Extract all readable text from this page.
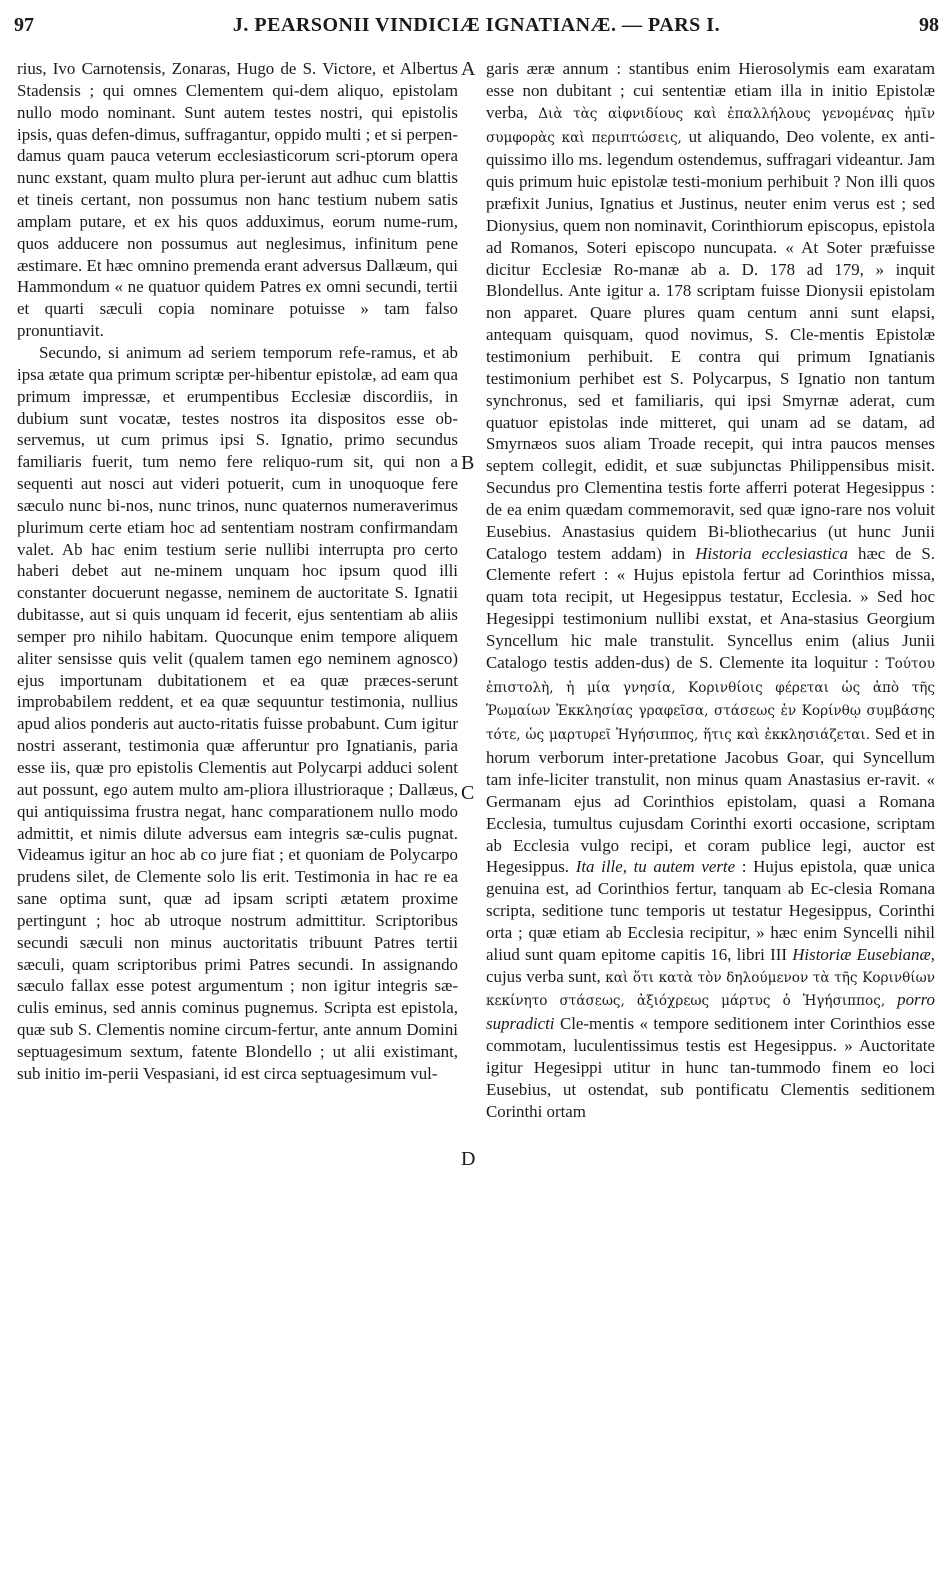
97	J. PEARSONII VINDICIÆ IGNATIANÆ. — PARS I.	98

rius, Ivo Carnotensis, Zonaras, Hugo de S. Victore, et Albertus Stadensis ; qui omnes Clementem qui-dem aliquo, epistolam nullo modo nominant. Sunt autem testes nostri, qui epistolis ipsis, quas defen-dimus, suffragantur, oppido multi ; et si perpen-damus quam pauca veterum ecclesiasticorum scri-ptorum opera nunc exstant, quam multo plura per-ierunt aut adhuc cum blattis et tineis certant, non possumus non hanc testium nubem satis amplam putare, et ex his quos adduximus, eorum nume-rum, quos adducere non possumus aut neglesimus, infinitum pene æstimare. Et hæc omnino premenda erant adversus Dallæum, qui Hammondum « ne quatuor quidem Patres ex omni secundi, tertii et quarti sæculi copia nominare potuisse » tam falso pronuntiavit.

Secundo, si animum ad seriem temporum refe-ramus, et ab ipsa ætate qua primum scriptæ per-hibentur epistolæ, ad eam qua primum impressæ, et erumpentibus Ecclesiæ discordiis, in dubium sunt vocatæ, testes nostros ita dispositos esse ob-servemus, ut cum primus ipsi S. Ignatio, primo secundus familiaris fuerit, tum nemo fere reliquo-rum sit, qui non a sequenti aut nosci aut videri potuerit, cum in unoquoque fere sæculo nunc bi-nos, nunc trinos, nunc quaternos numeraverimus plurimum certe etiam hoc ad sententiam nostram confirmandam valet. Ab hac enim testium serie nullibi interrupta pro certo haberi debet aut ne-minem unquam hoc ipsum quod illi constanter docuerunt negasse, neminem de auctoritate S. Ignatii dubitasse, aut si quis unquam id fecerit, ejus sententiam ab aliis semper pro nihilo habitam. Quocunque enim tempore aliquem aliter sensisse quis velit (qualem tamen ego neminem agnosco) ejus importunam dubitationem et ea quæ præces-serunt improbabilem reddent, et ea quæ sequuntur testimonia, nullius apud alios ponderis aut aucto-ritatis fuisse probabunt. Cum igitur nostri asserant, testimonia quæ afferuntur pro Ignatianis, paria esse iis, quæ pro epistolis Clementis aut Polycarpi adduci solent aut possunt, ego autem multo am-pliora illustrioraque ; Dallæus, qui antiquissima frustra negat, hanc comparationem nullo modo admittit, et nimis dilute adversus eam integris sæ-culis pugnat. Videamus igitur an hoc ab co jure fiat ; et quoniam de Polycarpo prudens silet, de Clemente solo lis erit. Testimonia in hac re ea sane optima sunt, quæ ad ipsam scripti ætatem proxime pertingunt ; hoc ab utroque nostrum admittitur. Scriptoribus secundi sæculi non minus auctoritatis tribuunt Patres tertii sæculi, quam scriptoribus primi Patres secundi. In assignando sæculo fallax esse potest argumentum ; non igitur integris sæ-culis eminus, sed annis cominus pugnemus. Scripta est epistola, quæ sub S. Clementis nomine circum-fertur, ante annum Domini septuagesimum sextum, fatente Blondello ; ut alii existimant, sub initio im-perii Vespasiani, id est circa septuagesimum vul-

A
B
C
D

garis æræ annum : stantibus enim Hierosolymis eam exaratam esse non dubitant ; cui sententiæ etiam illa in initio Epistolæ verba, Διὰ τὰς αἰφνιδίους καὶ ἐπαλλήλους γενομένας ἡμῖν συμφορὰς καὶ περιπτώσεις, ut aliquando, Deo volente, ex anti-quissimo illo ms. legendum ostendemus, suffragari videantur. Jam quis primum huic epistolæ testi-monium perhibuit ? Non illi quos præfixit Junius, Ignatius et Justinus, neuter enim verus est ; sed Dionysius, quem non nominavit, Corinthiorum episcopus, epistola ad Romanos, Soteri episcopo nuncupata. « At Soter præfuisse dicitur Ecclesiæ Ro-manæ ab a. D. 178 ad 179, » inquit Blondellus. Ante igitur a. 178 scriptam fuisse Dionysii epistolam non apparet. Quare plures quam centum anni sunt elapsi, antequam quisquam, quod novimus, S. Cle-mentis Epistolæ testimonium perhibuit. E contra qui primum Ignatianis testimonium perhibet est S. Polycarpus, S Ignatio non tantum synchronus, sed et familiaris, qui ipsi Smyrnæ aderat, cum quatuor epistolas inde mitteret, qui unam ad se datam, ad Smyrnæos suos aliam Troade recepit, qui intra paucos menses septem collegit, edidit, et suæ subjunctas Philippensibus misit. Secundus pro Clementina testis forte afferri poterat Hegesippus : de ea enim quædam commemoravit, sed quæ igno-rare nos voluit Eusebius. Anastasius quidem Bi-bliothecarius (ut hunc Junii Catalogo testem addam) in Historia ecclesiastica hæc de S. Clemente refert : « Hujus epistola fertur ad Corinthios missa, quam tota recipit, ut Hegesippus testatur, Ecclesia. » Sed hoc Hegesippi testimonium nullibi exstat, et Ana-stasius Georgium Syncellum hic male transtulit. Syncellus enim (alius Junii Catalogo testis adden-dus) de S. Clemente ita loquitur : Τούτου ἐπιστολὴ, ἡ μία γνησία, Κορινθίοις φέρεται ὡς ἀπὸ τῆς Ῥωμαίων Ἐκκλησίας γραφεῖσα, στάσεως ἐν Κορίνθῳ συμβάσης τότε, ὡς μαρτυρεῖ Ἡγήσιππος, ἥτις καὶ ἐκκλησιάζεται. Sed et in horum verborum inter-pretatione Jacobus Goar, qui Syncellum tam infe-liciter transtulit, non minus quam Anastasius er-ravit. « Germanam ejus ad Corinthios epistolam, quasi a Romana Ecclesia, tumultus cujusdam Corinthi exorti occasione, scriptam ab Ecclesia vulgo recipi, et coram publice legi, auctor est Hegesippus. Ita ille, tu autem verte : Hujus epistola, quæ unica genuina est, ad Corinthios fertur, tanquam ab Ec-clesia Romana scripta, seditione tunc temporis ut testatur Hegesippus, Corinthi orta ; quæ etiam ab Ecclesia recipitur, » hæc enim Syncelli nihil aliud sunt quam epitome capitis 16, libri III Historiæ Eusebianæ, cujus verba sunt, καὶ ὅτι κατὰ τὸν δηλούμενον τὰ τῆς Κορινθίων κεκίνητο στάσεως, ἀξιόχρεως μάρτυς ὁ Ἡγήσιππος, porro supradicti Cle-mentis « tempore seditionem inter Corinthios esse commotam, luculentissimus testis est Hegesippus. » Auctoritate igitur Hegesippi utitur in hunc tan-tummodo finem eo loci Eusebius, ut ostendat, sub pontificatu Clementis seditionem Corinthi ortam
